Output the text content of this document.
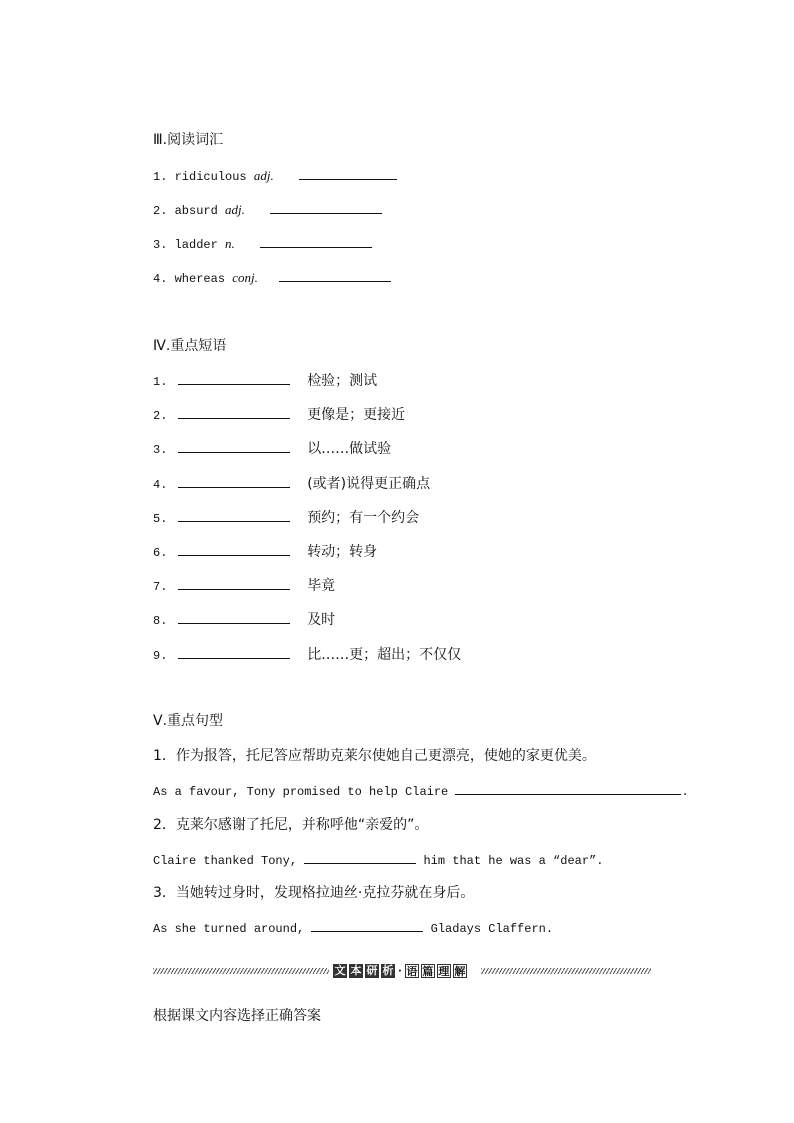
Ⅲ.阅读词汇
1. ridiculous adj.
2. absurd adj.
3. ladder n.
4. whereas conj.
Ⅳ.重点短语
1.	检验；测试
2.	更像是；更接近
3.	以……做试验
4.	(或者)说得更正确点
5.	预约；有一个约会
6.	转动；转身
7.	毕竟
8.	及时
9.	比……更；超出；不仅仅
Ⅴ.重点句型
1．作为报答，托尼答应帮助克莱尔使她自己更漂亮，使她的家更优美。
As a favour, Tony promised to help Claire	.
2．克莱尔感谢了托尼，并称呼他“亲爱的”。
Claire thanked Tony,	him that he was a “dear”.
3．当她转过身时，发现格拉迪丝·克拉芬就在身后。
As she turned around,	Gladays Claffern.
文 本 研 析 · 语 篇 理 解
根据课文内容选择正确答案
